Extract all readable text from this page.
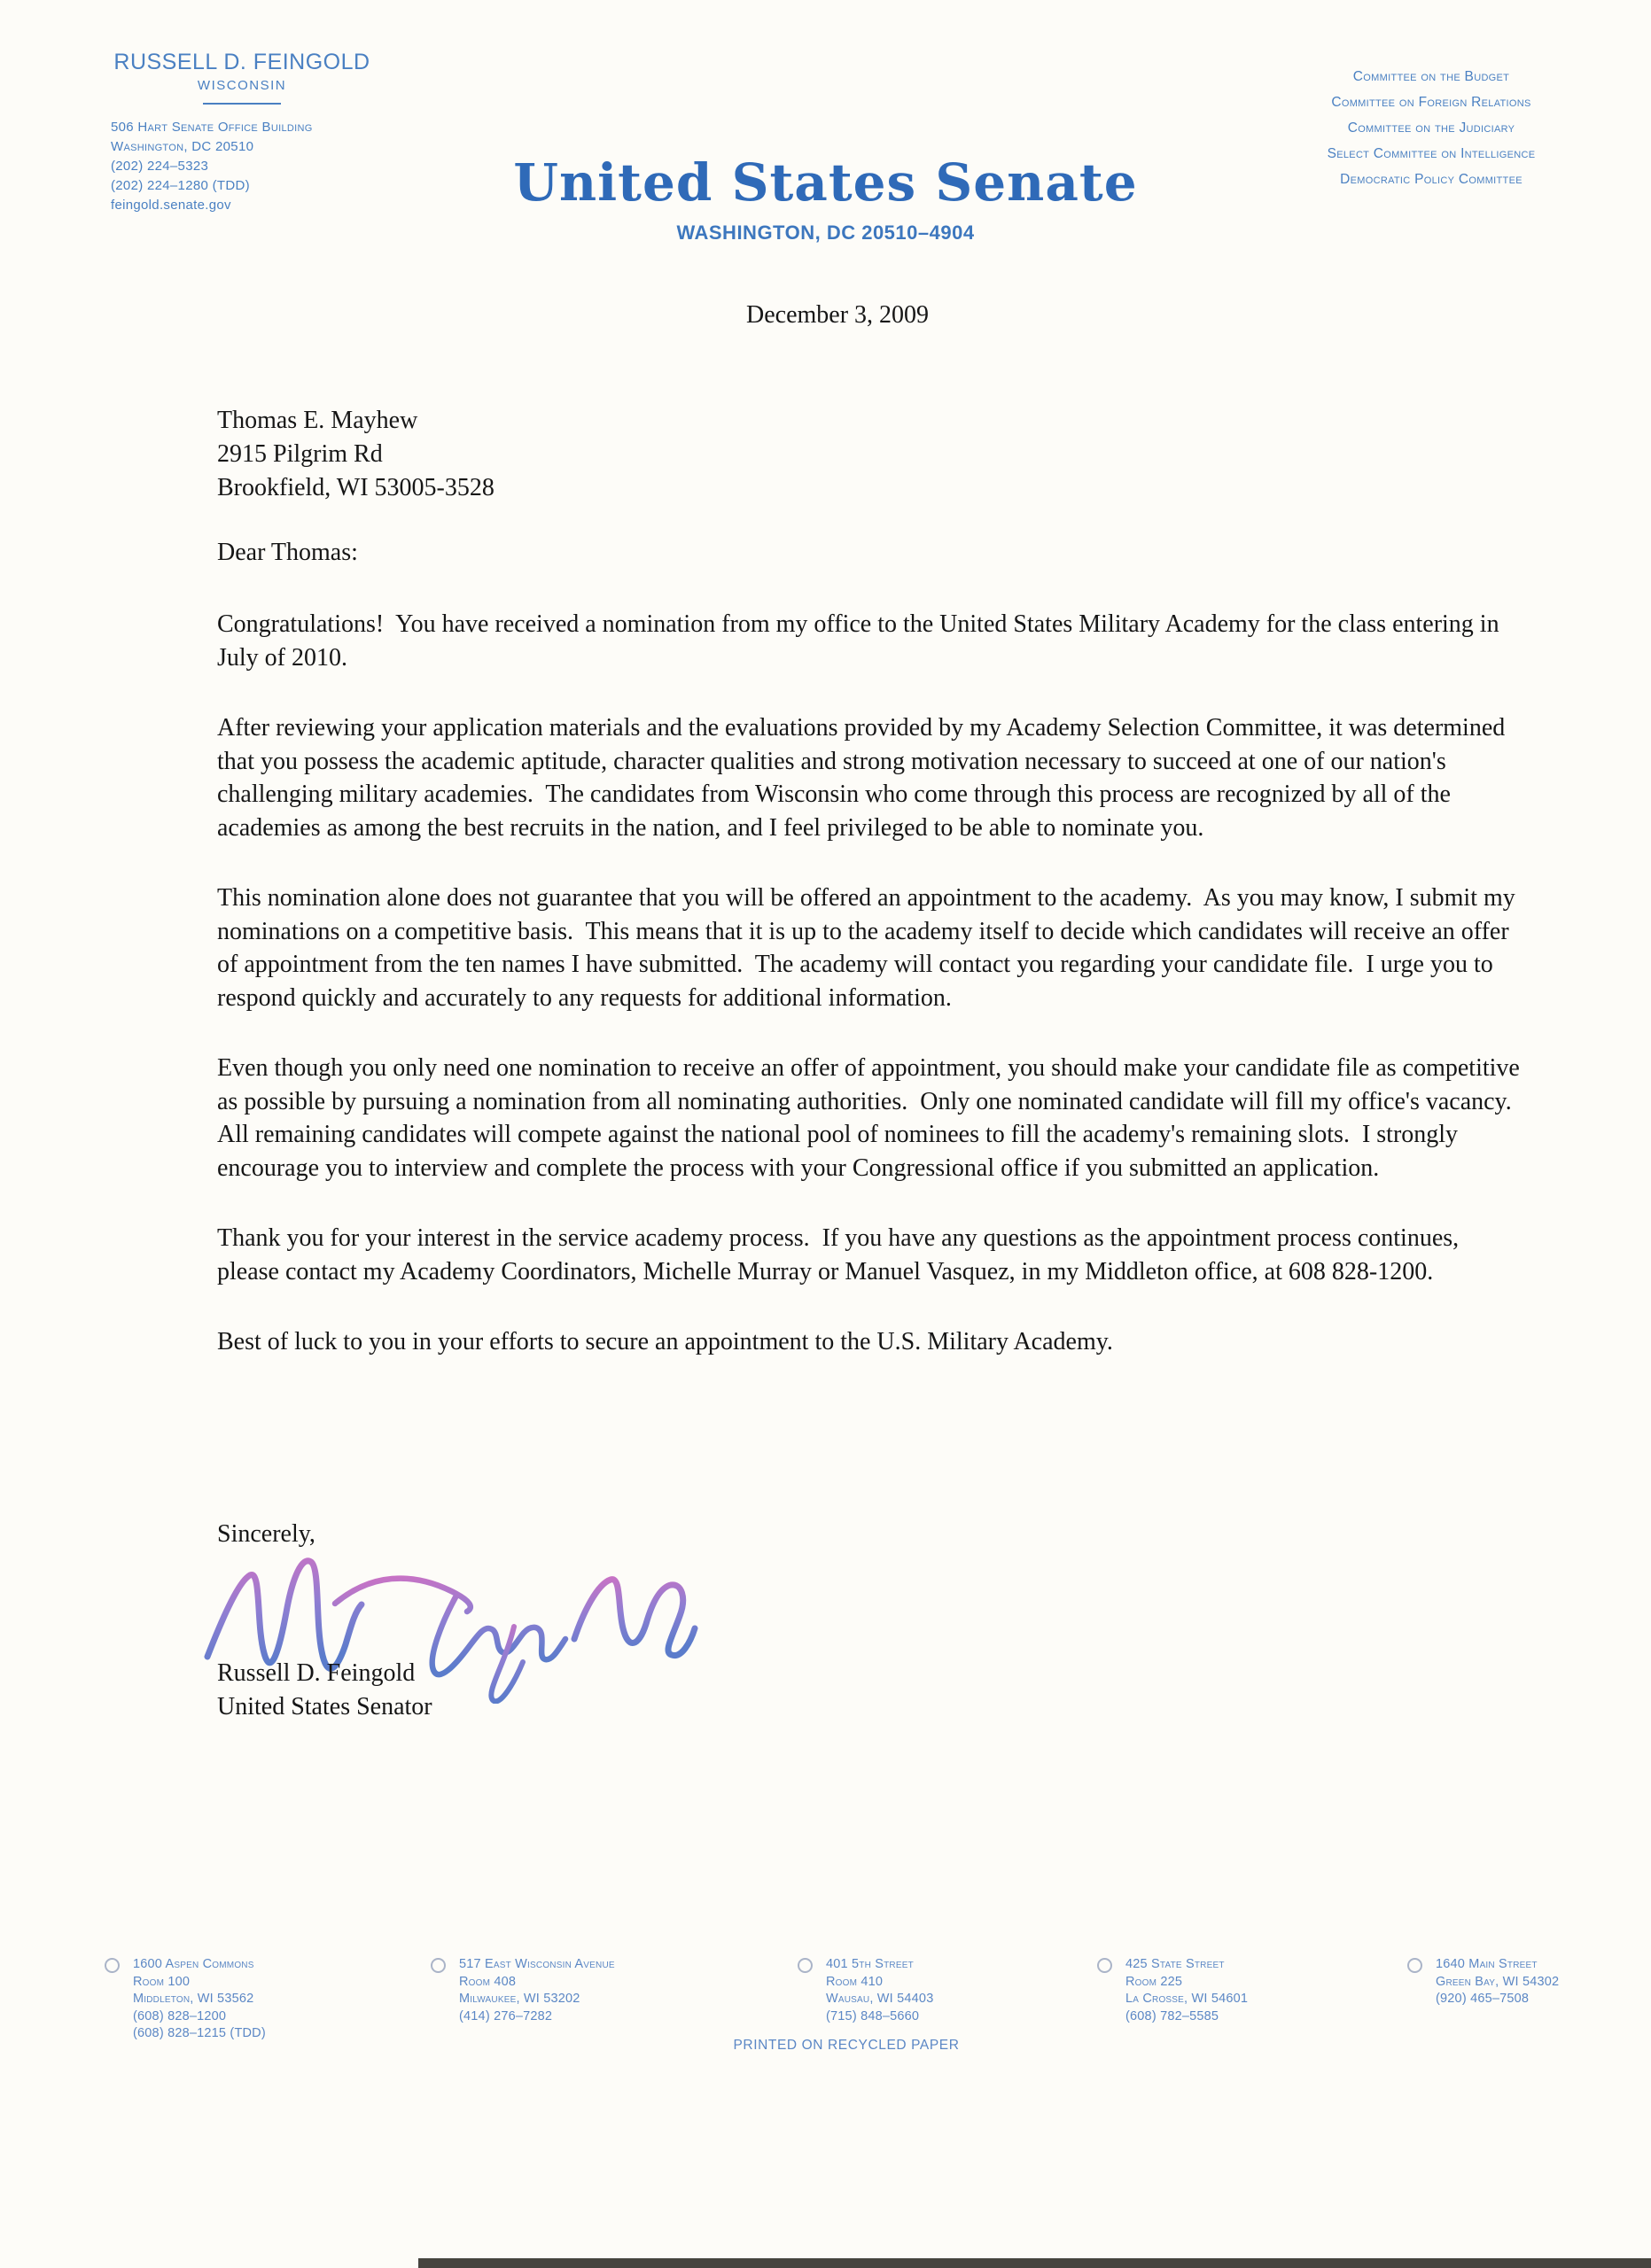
RUSSELL D. FEINGOLD
WISCONSIN
506 Hart Senate Office Building
Washington, DC 20510
(202) 224–5323
(202) 224–1280 (TDD)
feingold.senate.gov	United States Senate
WASHINGTON, DC 20510–4904
Committee on the Budget
Committee on Foreign Relations
Committee on the Judiciary
Select Committee on Intelligence
Democratic Policy Committee
December 3, 2009
Thomas E. Mayhew
2915 Pilgrim Rd
Brookfield, WI 53005-3528
Dear Thomas:

Congratulations!  You have received a nomination from my office to the United States Military Academy for the class entering in July of 2010.

After reviewing your application materials and the evaluations provided by my Academy Selection Committee, it was determined that you possess the academic aptitude, character qualities and strong motivation necessary to succeed at one of our nation's challenging military academies.  The candidates from Wisconsin who come through this process are recognized by all of the academies as among the best recruits in the nation, and I feel privileged to be able to nominate you.

This nomination alone does not guarantee that you will be offered an appointment to the academy.  As you may know, I submit my nominations on a competitive basis.  This means that it is up to the academy itself to decide which candidates will receive an offer of appointment from the ten names I have submitted.  The academy will contact you regarding your candidate file.  I urge you to respond quickly and accurately to any requests for additional information.

Even though you only need one nomination to receive an offer of appointment, you should make your candidate file as competitive as possible by pursuing a nomination from all nominating authorities.  Only one nominated candidate will fill my office's vacancy.  All remaining candidates will compete against the national pool of nominees to fill the academy's remaining slots.  I strongly encourage you to interview and complete the process with your Congressional office if you submitted an application.

Thank you for your interest in the service academy process.  If you have any questions as the appointment process continues, please contact my Academy Coordinators, Michelle Murray or Manuel Vasquez, in my Middleton office, at 608 828-1200.

Best of luck to you in your efforts to secure an appointment to the U.S. Military Academy.

Sincerely,
Russell D. Feingold
United States Senator
1600 Aspen Commons
Room 100
Middleton, WI 53562
(608) 828–1200
(608) 828–1215 (TDD)
517 East Wisconsin Avenue
Room 408
Milwaukee, WI 53202
(414) 276–7282
401 5th Street
Room 410
Wausau, WI 54403
(715) 848–5660
425 State Street
Room 225
La Crosse, WI 54601
(608) 782–5585
1640 Main Street
Green Bay, WI 54302
(920) 465–7508
PRINTED ON RECYCLED PAPER
